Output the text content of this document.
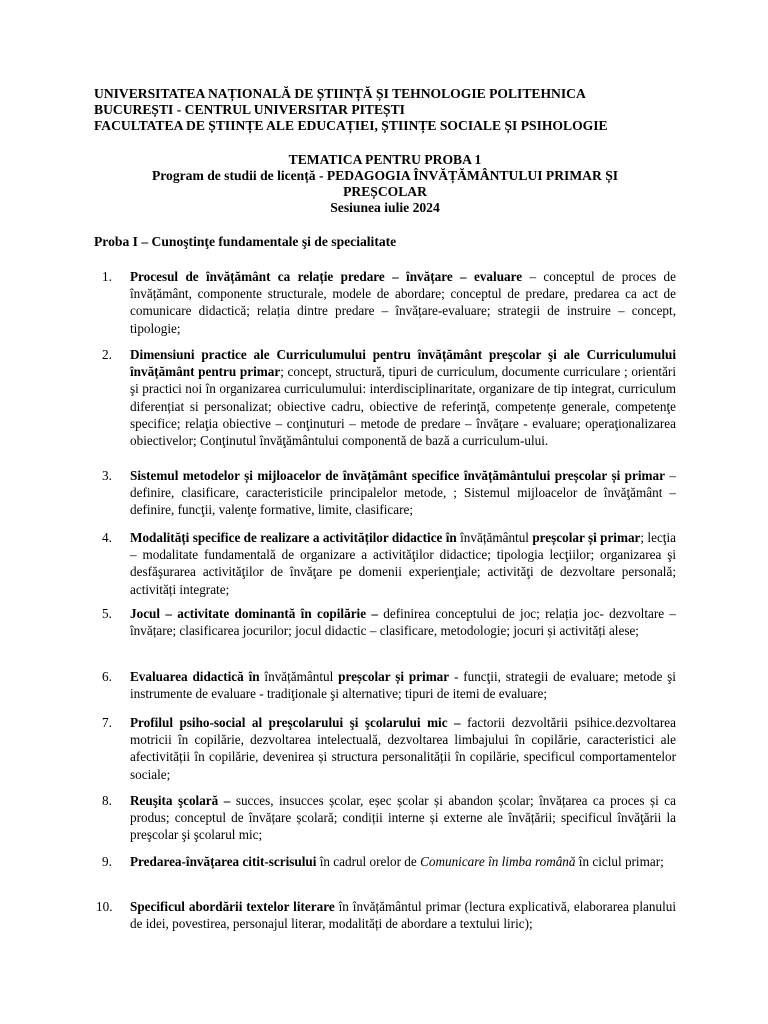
UNIVERSITATEA NAȚIONALĂ DE ȘTIINȚĂ ȘI TEHNOLOGIE POLITEHNICA
BUCUREȘTI - CENTRUL UNIVERSITAR PITEȘTI
FACULTATEA DE ȘTIINȚE ALE EDUCAȚIEI, ȘTIINȚE SOCIALE ȘI PSIHOLOGIE
TEMATICA PENTRU PROBA 1
Program de studii de licență - PEDAGOGIA ÎNVĂȚĂMÂNTULUI PRIMAR ȘI
PREȘCOLAR
Sesiunea iulie 2024
Proba I – Cunoştinţe fundamentale şi de specialitate
1.	Procesul de învățământ ca relație predare – învățare – evaluare – conceptul de proces de învățământ, componente structurale, modele de abordare; conceptul de predare, predarea ca act de comunicare didactică; relația dintre predare – învățare-evaluare; strategii de instruire – concept, tipologie;
2.	Dimensiuni practice ale Curriculumului pentru învățământ preşcolar şi ale Curriculumului învățământ pentru primar; concept, structură, tipuri de curriculum, documente curriculare ; orientări şi practici noi în organizarea curriculumului: interdisciplinaritate, organizare de tip integrat, curriculum diferențiat si personalizat; obiective cadru, obiective de referinţă, competențe generale, competenţe specifice; relaţia obiective – conţinuturi – metode de predare – învăţare - evaluare; operaţionalizarea obiectivelor; Conţinutul învăţământului componentă de bază a curriculum-ului.
3.	Sistemul metodelor și mijloacelor de învățământ specifice învățământului preșcolar și primar – definire, clasificare, caracteristicile principalelor metode, ; Sistemul mijloacelor de învăţământ – definire, funcţii, valenţe formative, limite, clasificare;
4.	Modalități specifice de realizare a activităților didactice în învățământul preșcolar și primar; lecţia – modalitate fundamentală de organizare a activităţilor didactice; tipologia lecţiilor; organizarea şi desfăşurarea activităţilor de învăţare pe domenii experienţiale; activităţi de dezvoltare personală; activități integrate;
5.	Jocul – activitate dominantă în copilărie – definirea conceptului de joc; relația joc- dezvoltare – învățare; clasificarea jocurilor; jocul didactic – clasificare, metodologie; jocuri și activități alese;
6.	Evaluarea didactică în învățământul preșcolar și primar - funcţii, strategii de evaluare; metode şi instrumente de evaluare - tradiţionale şi alternative; tipuri de itemi de evaluare;
7.	Profilul psiho-social al preşcolarului şi şcolarului mic – factorii dezvoltării psihice.dezvoltarea motricii în copilărie, dezvoltarea intelectuală, dezvoltarea limbajului în copilărie, caracteristici ale afectivității în copilărie, devenirea și structura personalității în copilărie, specificul comportamentelor sociale;
8.	Reuşita şcolară – succes, insucces școlar, eșec școlar și abandon școlar; învățarea ca proces și ca produs; conceptul de învățare școlară; condiții interne și externe ale învățării; specificul învăţării la preşcolar şi şcolarul mic;
9.	Predarea-învățarea citit-scrisului în cadrul orelor de Comunicare în limba română în ciclul primar;
10.	Specificul abordării textelor literare în învățământul primar (lectura explicativă, elaborarea planului de idei, povestirea, personajul literar, modalități de abordare a textului liric);
